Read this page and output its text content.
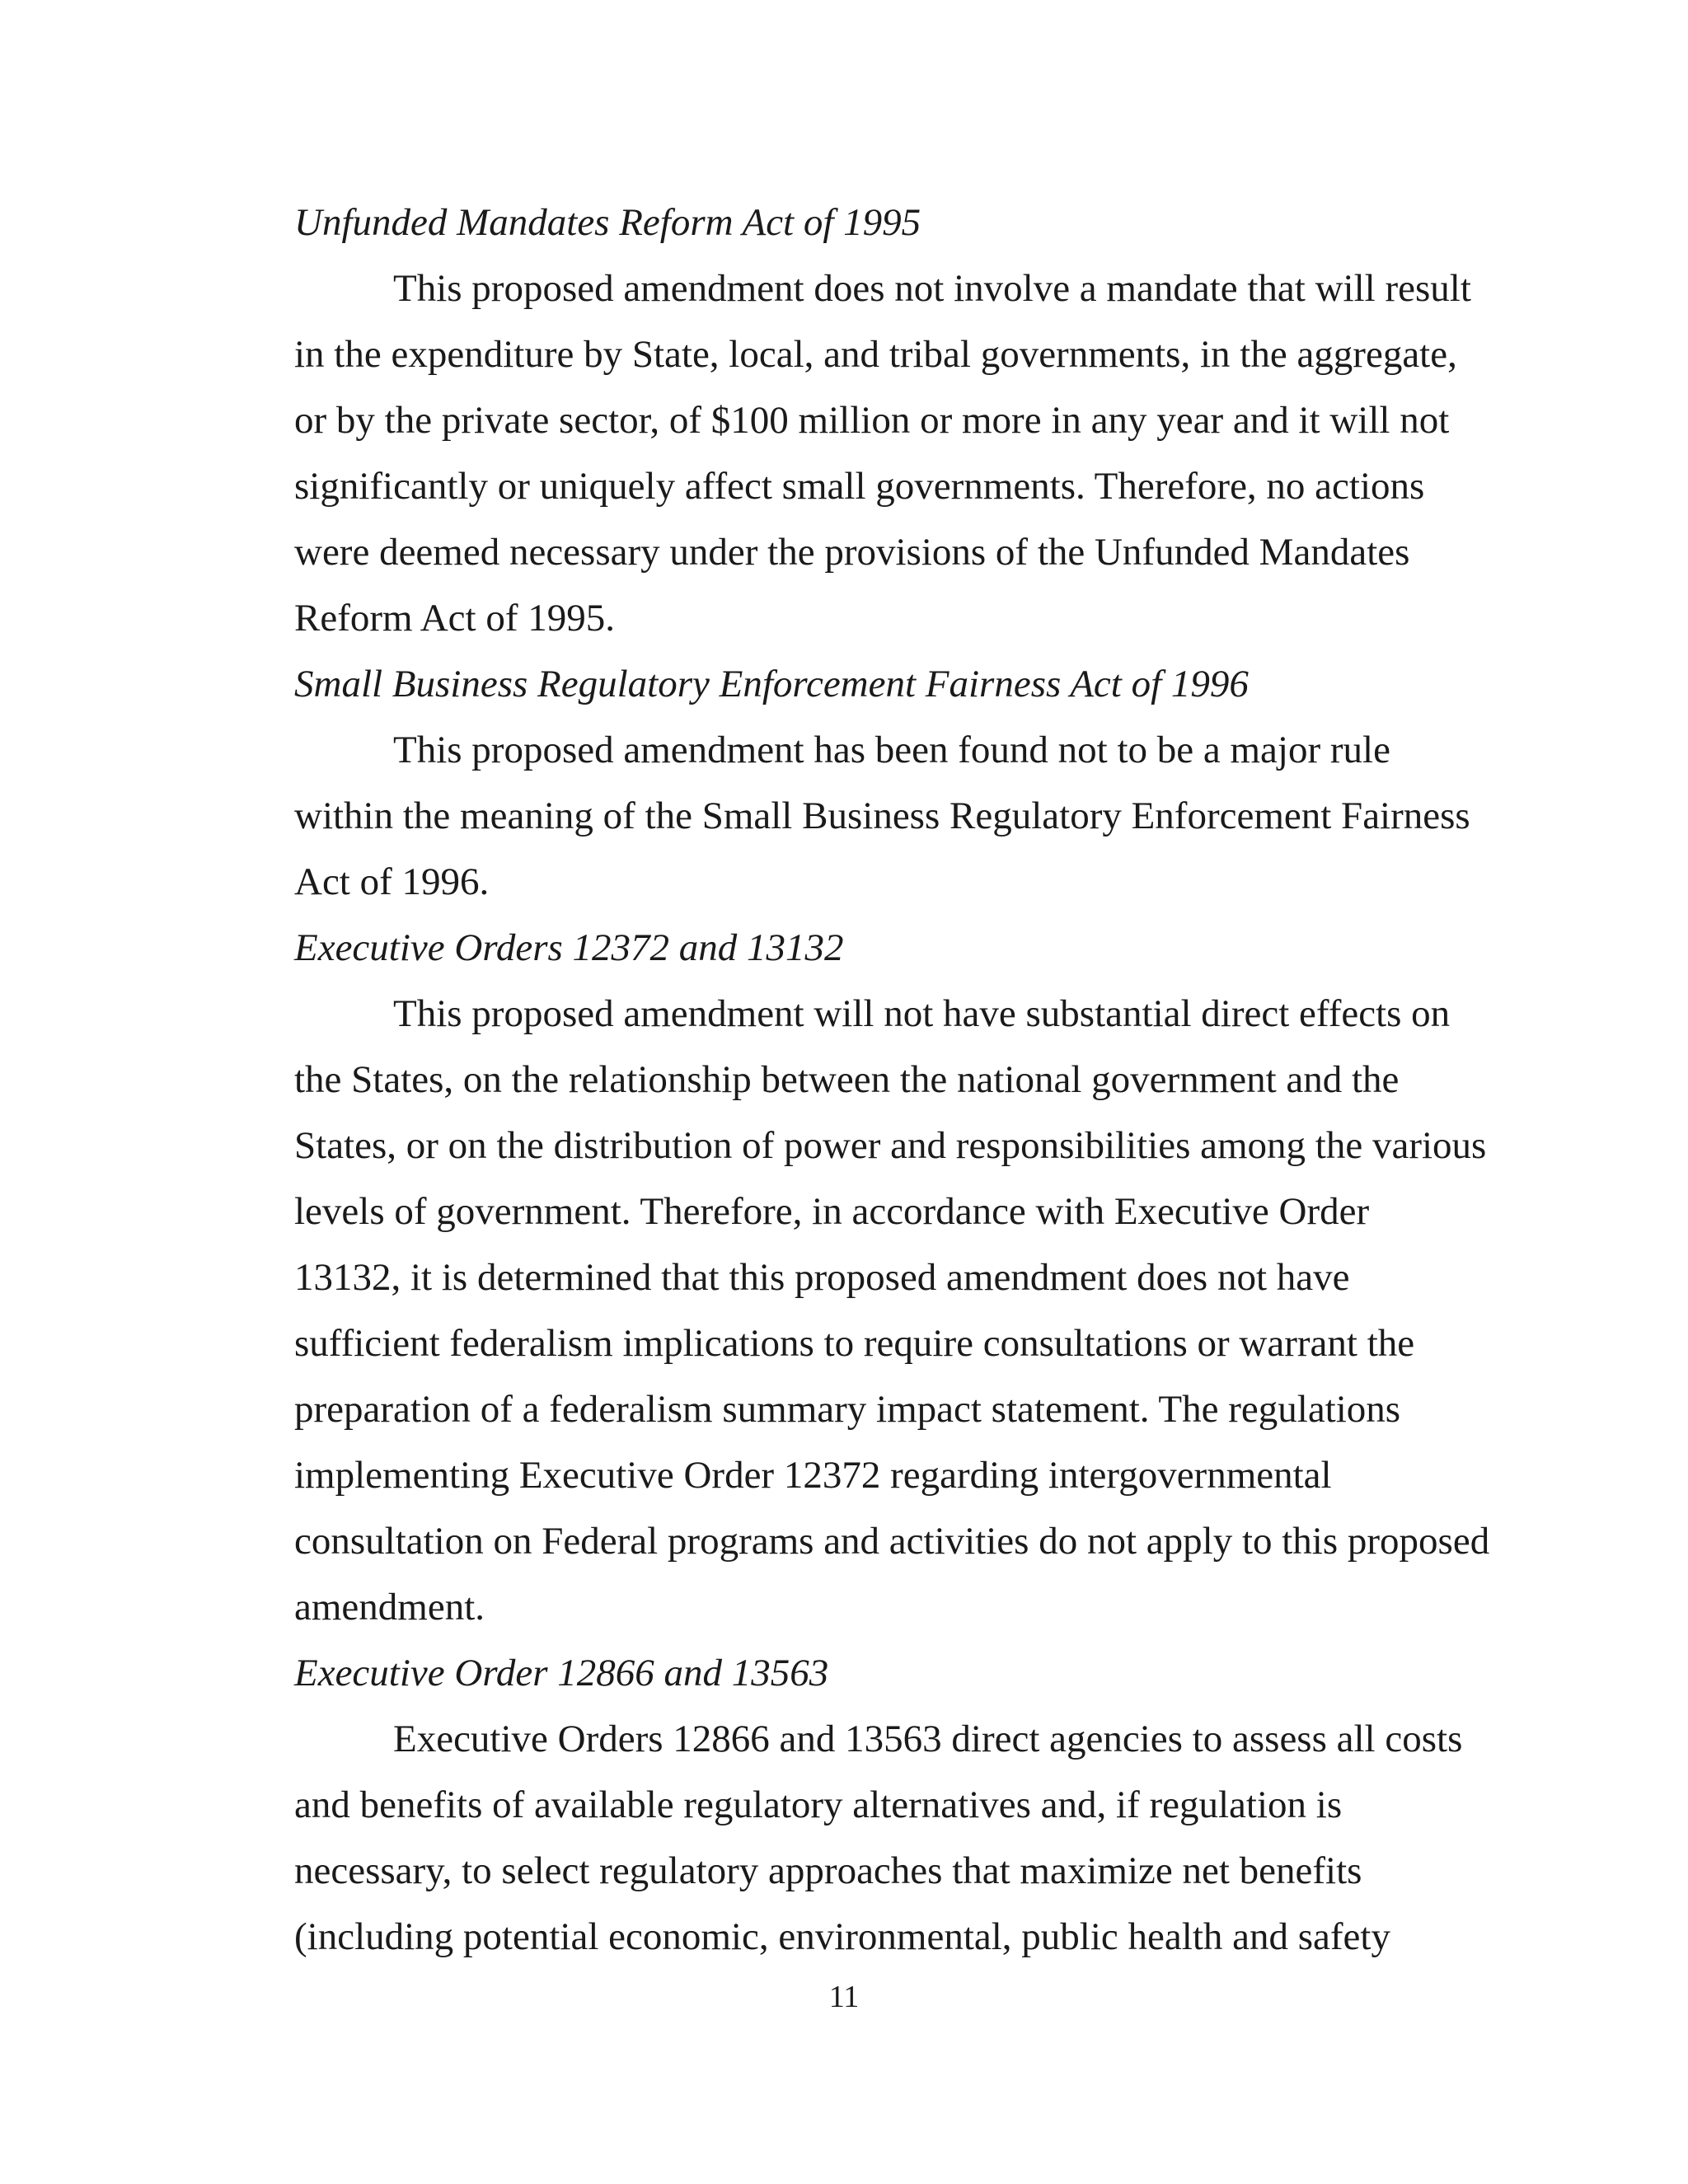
Unfunded Mandates Reform Act of 1995
This proposed amendment does not involve a mandate that will result
in the expenditure by State, local, and tribal governments, in the aggregate,
or by the private sector, of $100 million or more in any year and it will not
significantly or uniquely affect small governments. Therefore, no actions
were deemed necessary under the provisions of the Unfunded Mandates
Reform Act of 1995.
Small Business Regulatory Enforcement Fairness Act of 1996
This proposed amendment has been found not to be a major rule
within the meaning of the Small Business Regulatory Enforcement Fairness
Act of 1996.
Executive Orders 12372 and 13132
This proposed amendment will not have substantial direct effects on
the States, on the relationship between the national government and the
States, or on the distribution of power and responsibilities among the various
levels of government. Therefore, in accordance with Executive Order
13132, it is determined that this proposed amendment does not have
sufficient federalism implications to require consultations or warrant the
preparation of a federalism summary impact statement. The regulations
implementing Executive Order 12372 regarding intergovernmental
consultation on Federal programs and activities do not apply to this proposed
amendment.
Executive Order 12866 and 13563
Executive Orders 12866 and 13563 direct agencies to assess all costs
and benefits of available regulatory alternatives and, if regulation is
necessary, to select regulatory approaches that maximize net benefits
(including potential economic, environmental, public health and safety
11
